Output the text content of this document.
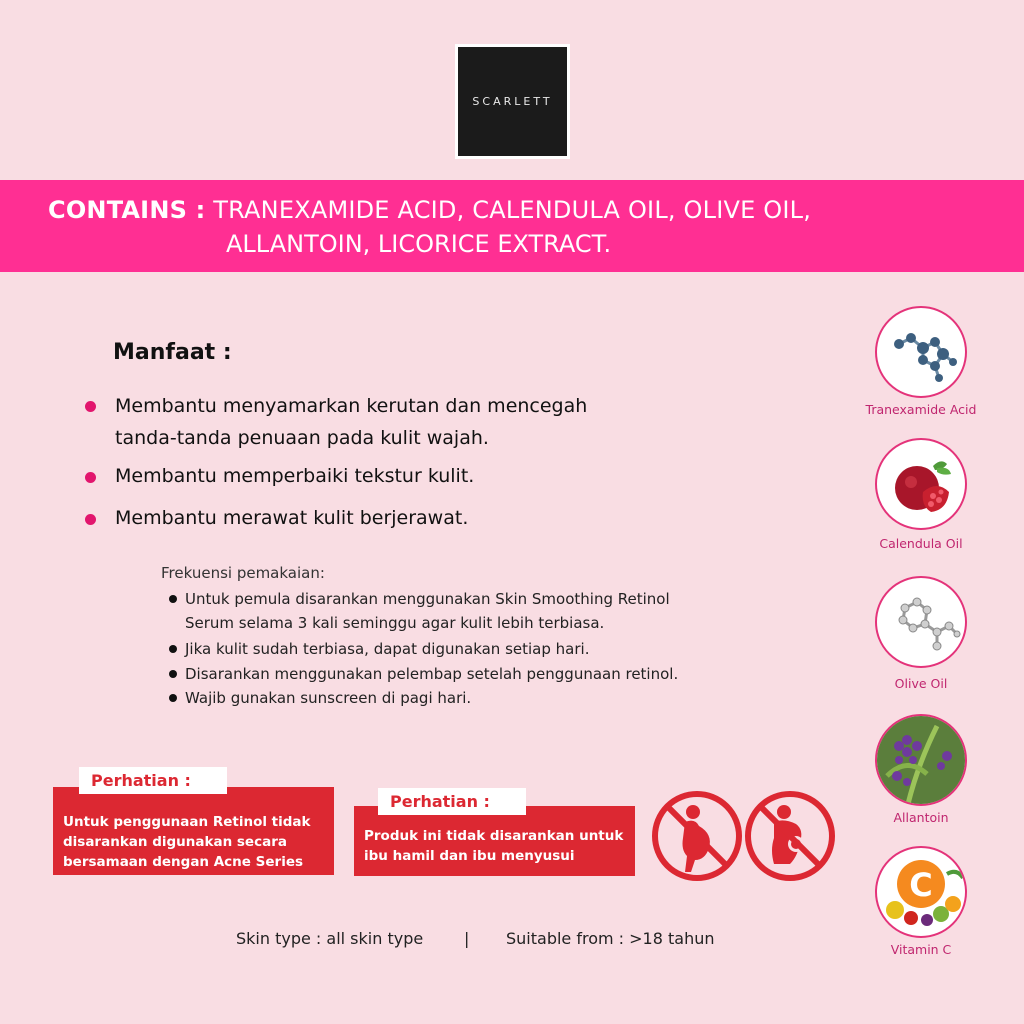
SCARLETT
CONTAINS : TRANEXAMIDE ACID, CALENDULA OIL, OLIVE OIL,
ALLANTOIN, LICORICE EXTRACT.
Manfaat :
Membantu menyamarkan kerutan dan mencegah
tanda-tanda penuaan pada kulit wajah.
Membantu memperbaiki tekstur kulit.
Membantu merawat kulit berjerawat.
Frekuensi pemakaian:
Untuk pemula disarankan menggunakan Skin Smoothing Retinol
Serum selama 3 kali seminggu agar kulit lebih terbiasa.
Jika kulit sudah terbiasa, dapat digunakan setiap hari.
Disarankan menggunakan pelembap setelah penggunaan retinol.
Wajib gunakan sunscreen di pagi hari.
Untuk penggunaan Retinol tidak
disarankan digunakan secara
bersamaan dengan Acne Series
Perhatian :
Produk ini tidak disarankan untuk
ibu hamil dan ibu menyusui
Perhatian :
Skin type : all skin type	| Suitable from : >18 tahun
Tranexamide Acid
Calendula Oil
Olive Oil
Allantoin
C
Vitamin C
